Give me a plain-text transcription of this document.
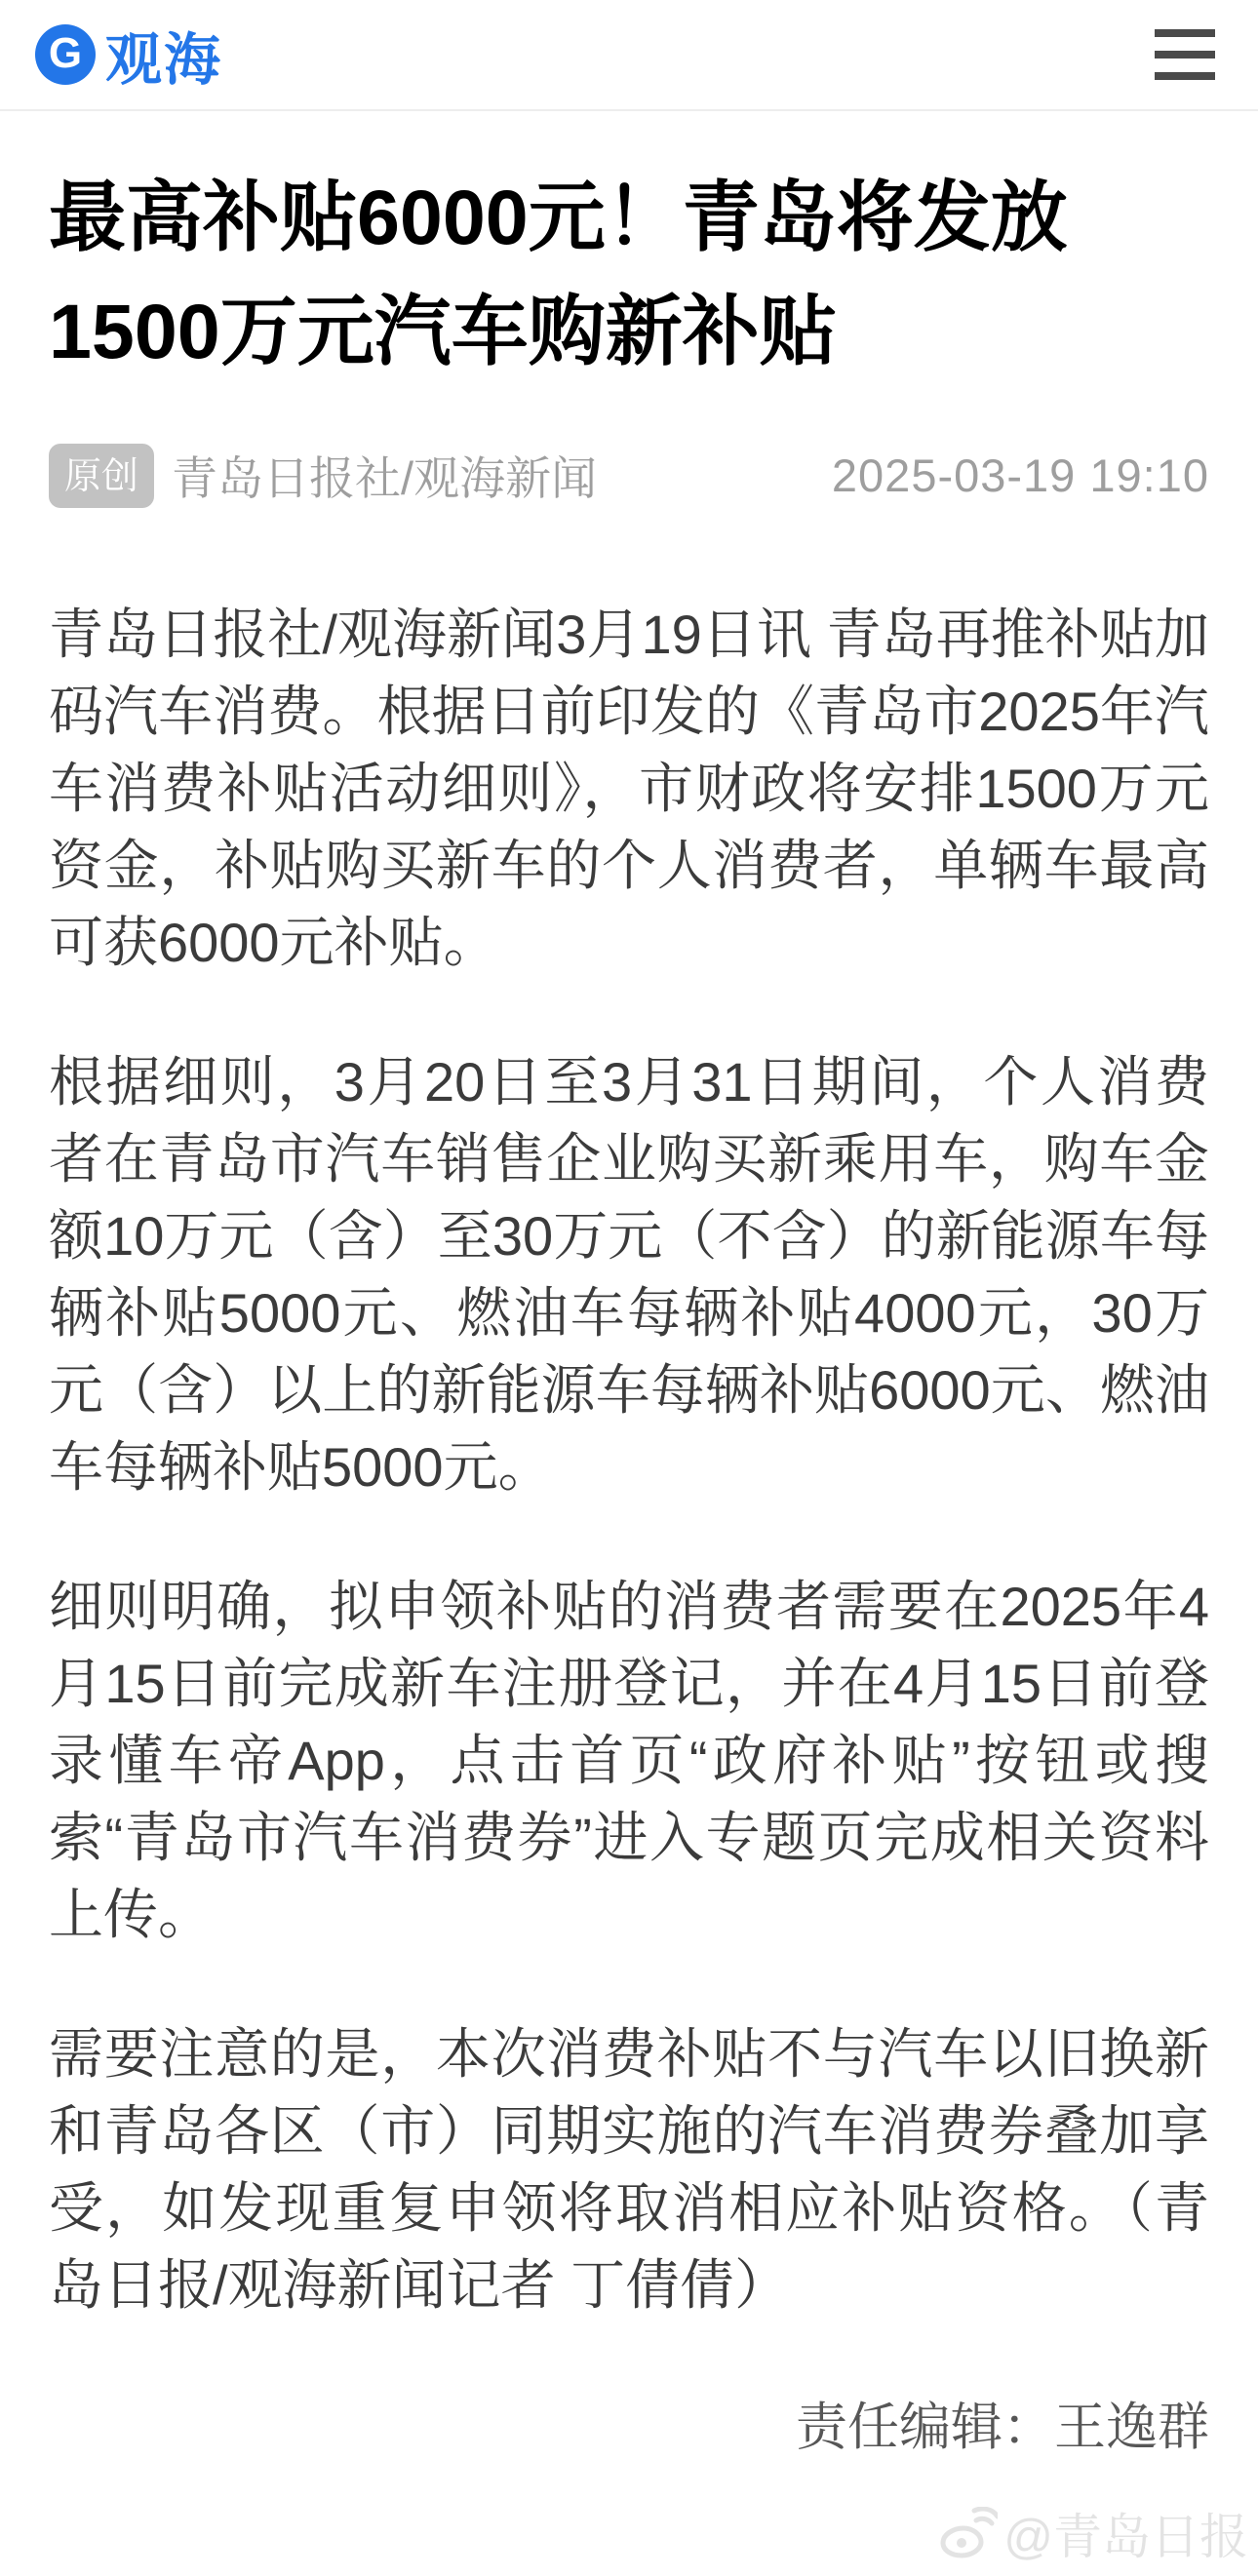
G 观海
最高补贴6000元！青岛将发放1500万元汽车购新补贴
原创 青岛日报社/观海新闻	2025-03-19 19:10

青岛日报社/观海新闻3月19日讯 青岛再推补贴加码汽车消费。根据日前印发的《青岛市2025年汽车消费补贴活动细则》，市财政将安排1500万元资金，补贴购买新车的个人消费者，单辆车最高可获6000元补贴。

根据细则，3月20日至3月31日期间，个人消费者在青岛市汽车销售企业购买新乘用车，购车金额10万元（含）至30万元（不含）的新能源车每辆补贴5000元、燃油车每辆补贴4000元，30万元（含）以上的新能源车每辆补贴6000元、燃油车每辆补贴5000元。

细则明确，拟申领补贴的消费者需要在2025年4月15日前完成新车注册登记，并在4月15日前登录懂车帝App，点击首页“政府补贴”按钮或搜索“青岛市汽车消费券”进入专题页完成相关资料上传。

需要注意的是，本次消费补贴不与汽车以旧换新和青岛各区（市）同期实施的汽车消费券叠加享受，如发现重复申领将取消相应补贴资格。（青岛日报/观海新闻记者 丁倩倩）

责任编辑：王逸群
@青岛日报
